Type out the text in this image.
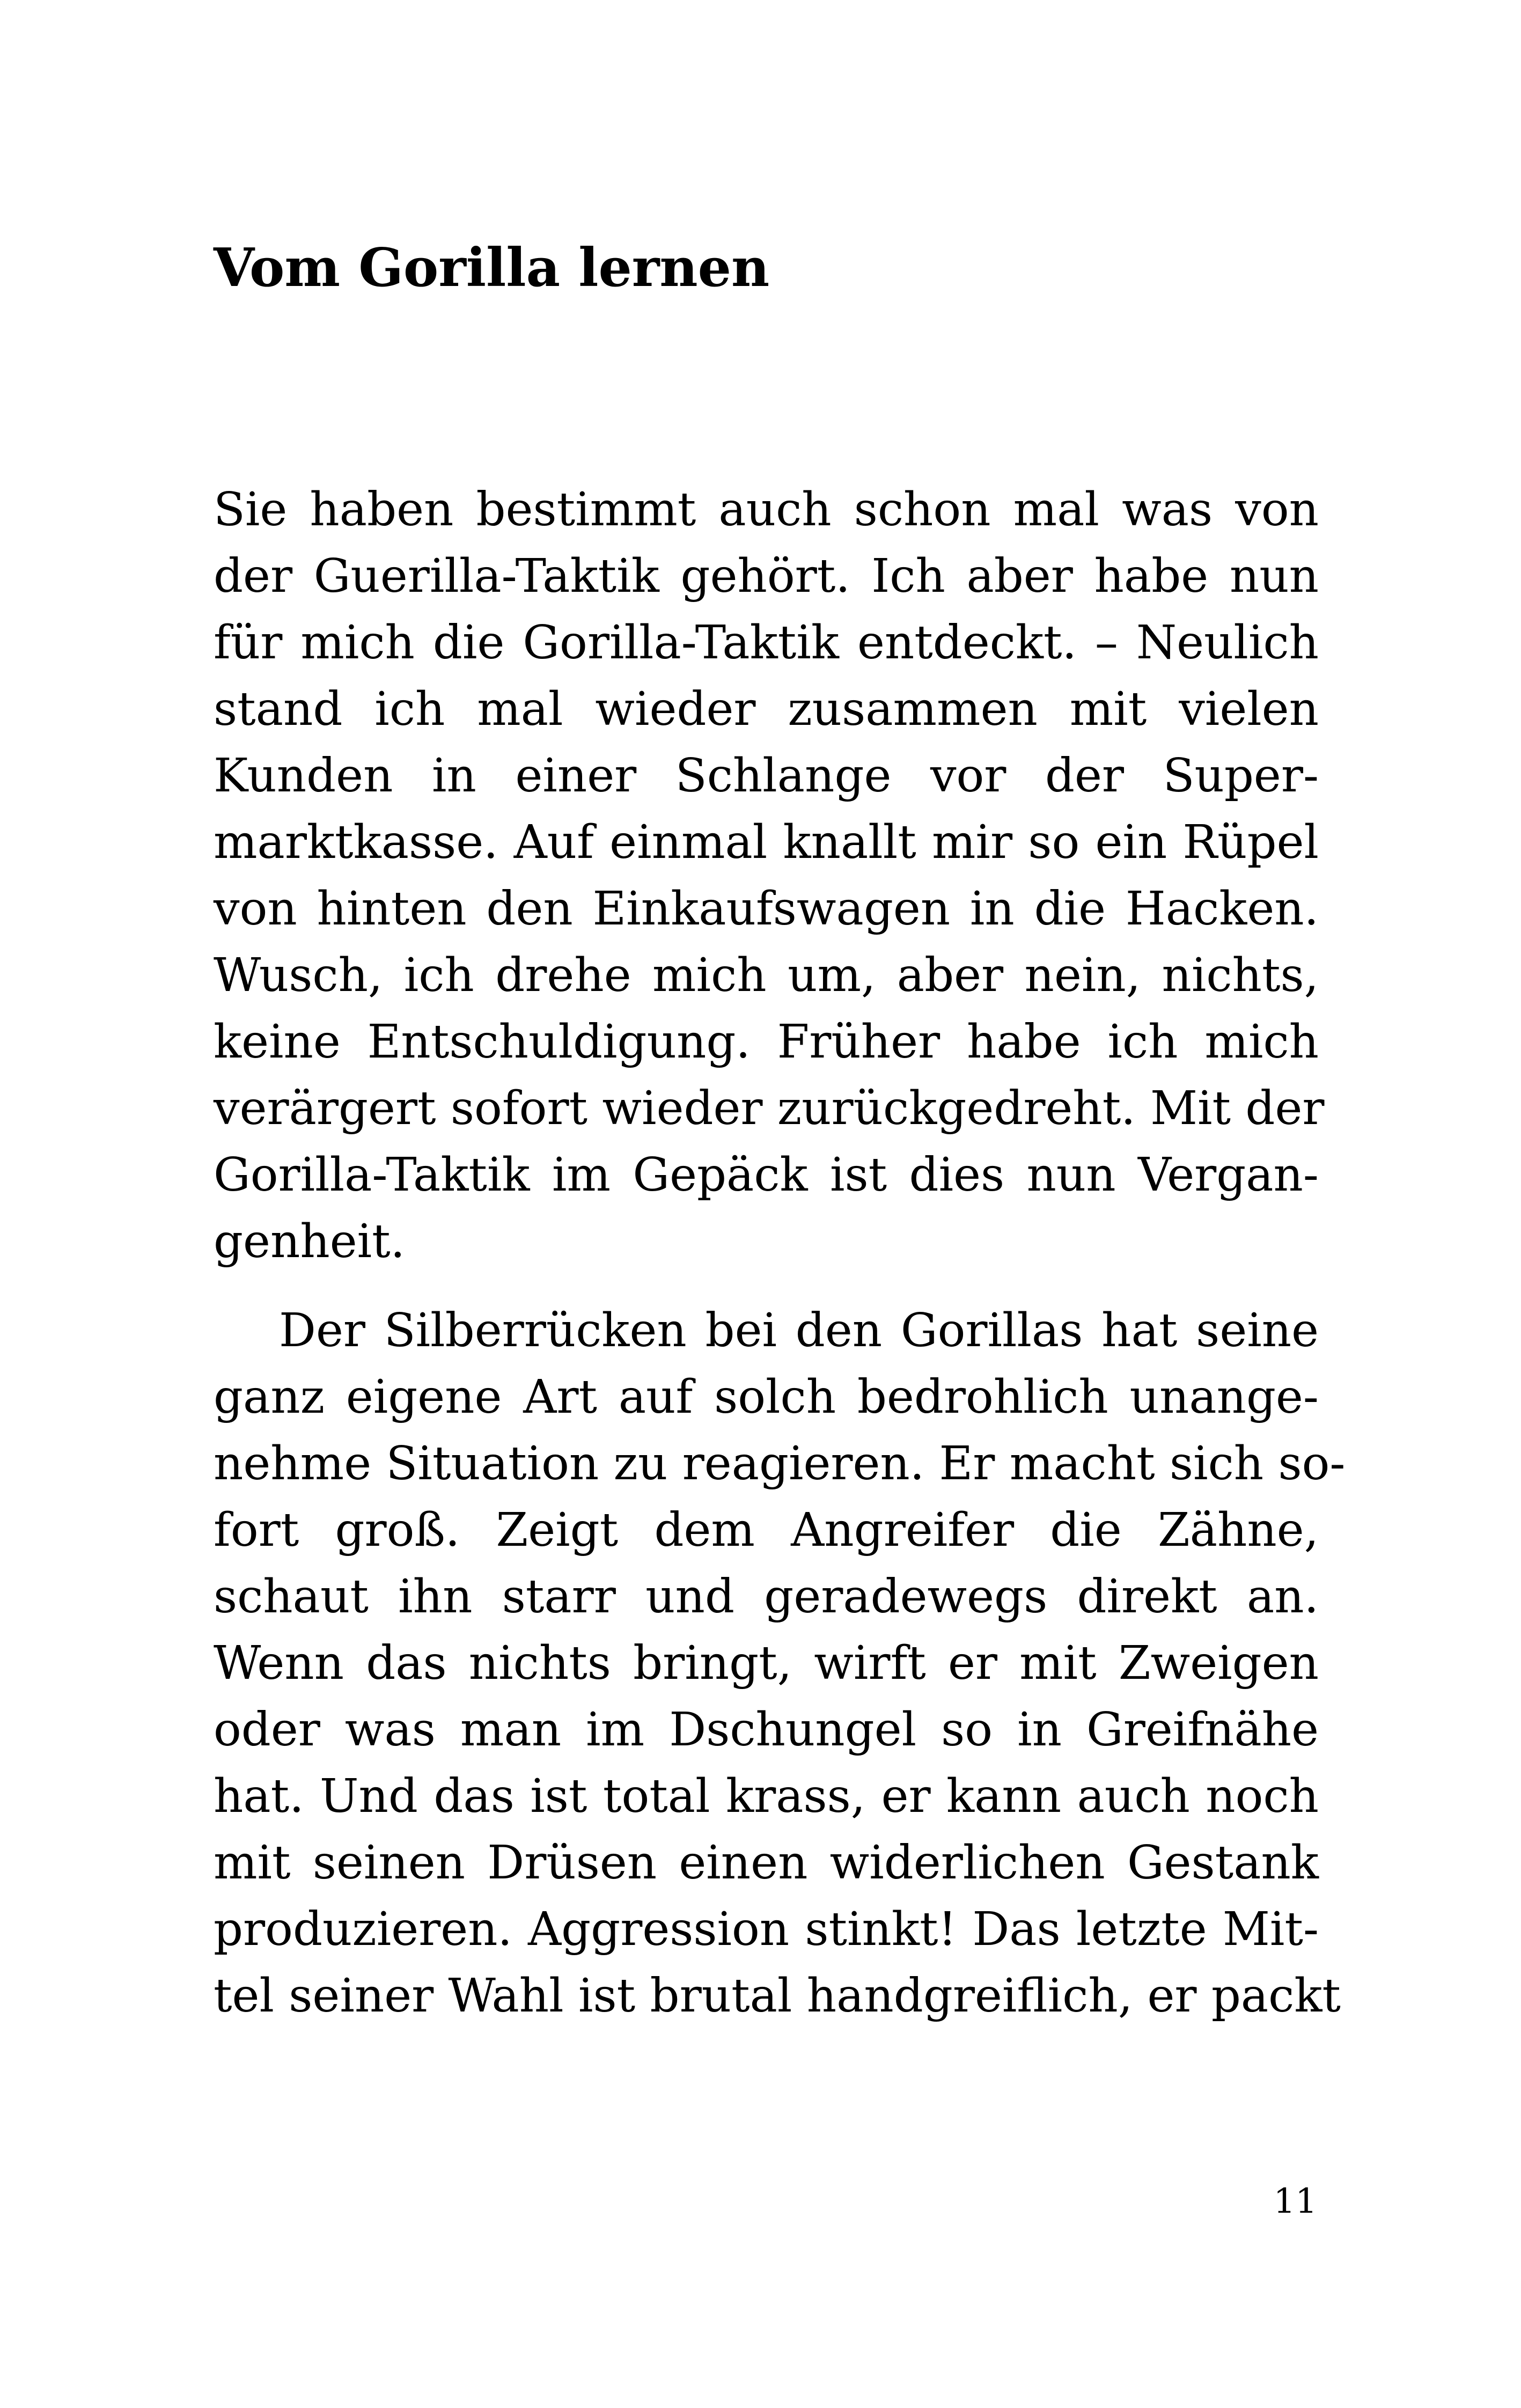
Vom Gorilla lernen
Sie haben bestimmt auch schon mal was von
der Guerilla-Taktik gehört. Ich aber habe nun
für mich die Gorilla-Taktik entdeckt. – Neulich
stand ich mal wieder zusammen mit vielen
Kunden in einer Schlange vor der Super-
marktkasse. Auf einmal knallt mir so ein Rüpel
von hinten den Einkaufswagen in die Hacken.
Wusch, ich drehe mich um, aber nein, nichts,
keine Entschuldigung. Früher habe ich mich
verärgert sofort wieder zurückgedreht. Mit der
Gorilla-Taktik im Gepäck ist dies nun Vergan-
genheit.
Der Silberrücken bei den Gorillas hat seine
ganz eigene Art auf solch bedrohlich unange-
nehme Situation zu reagieren. Er macht sich so-
fort groß. Zeigt dem Angreifer die Zähne,
schaut ihn starr und geradewegs direkt an.
Wenn das nichts bringt, wirft er mit Zweigen
oder was man im Dschungel so in Greifnähe
hat. Und das ist total krass, er kann auch noch
mit seinen Drüsen einen widerlichen Gestank
produzieren. Aggression stinkt! Das letzte Mit-
tel seiner Wahl ist brutal handgreiflich, er packt
11
